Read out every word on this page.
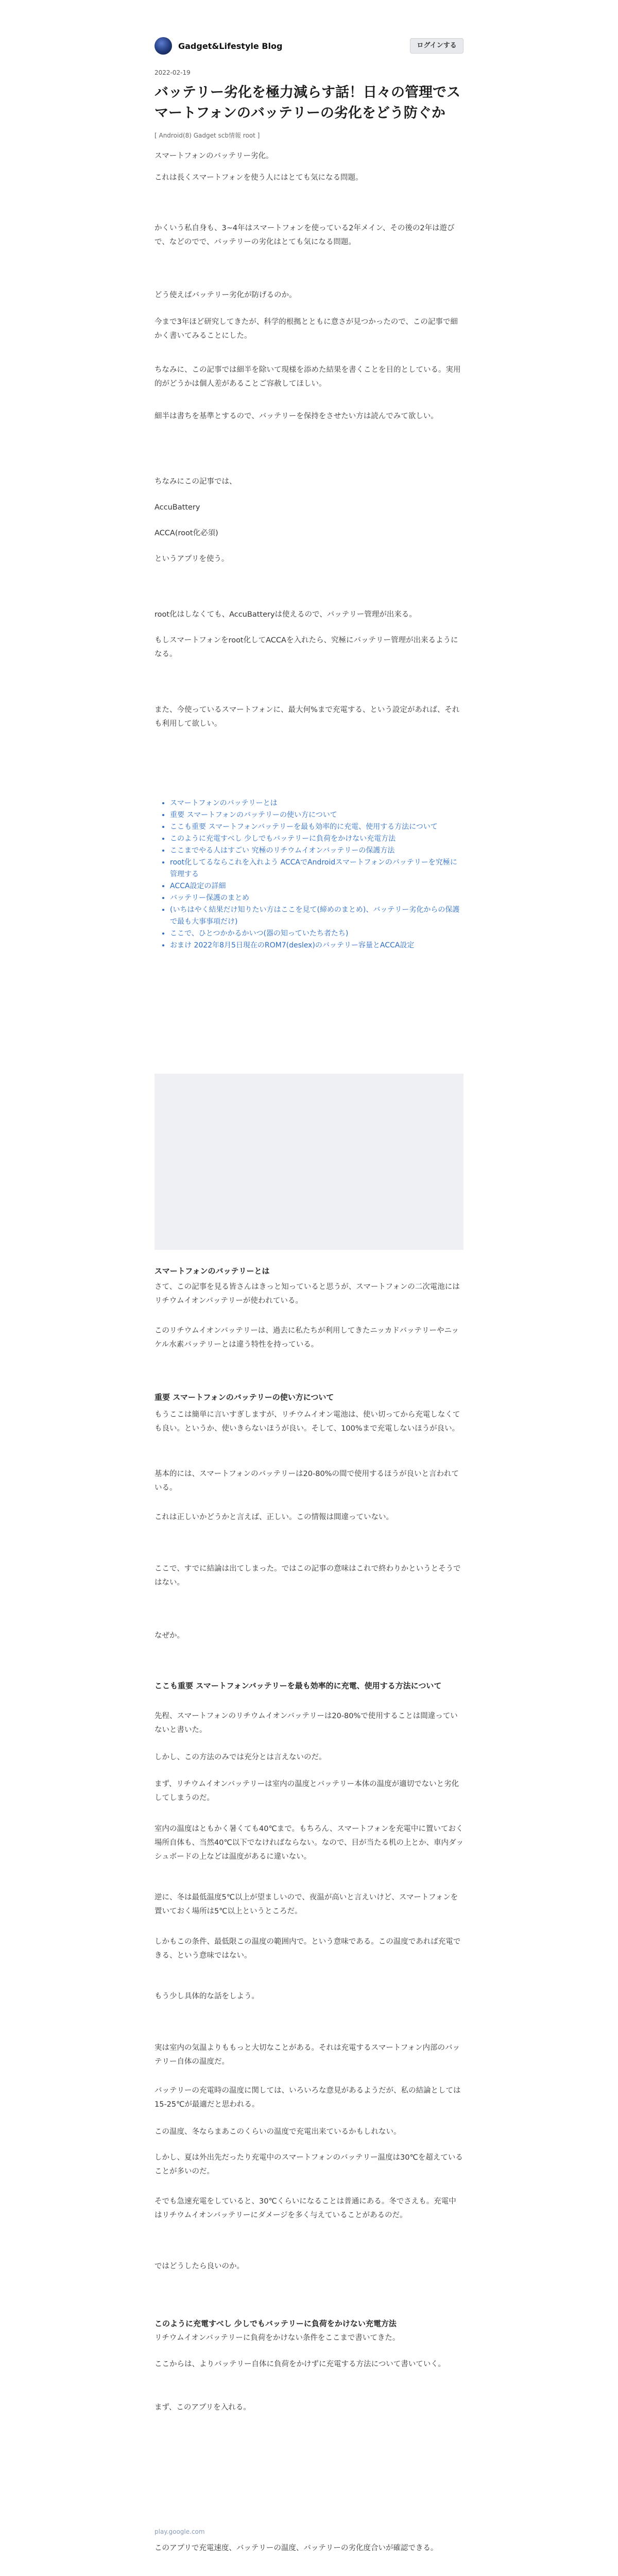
Gadget&Lifestyle Blog	ログインする
2022-02-19
バッテリー劣化を極力減らす話！日々の管理でスマートフォンのバッテリーの劣化をどう防ぐか
[ Android(8) Gadget scb情報 root ]

スマートフォンのバッテリー劣化。

これは長くスマートフォンを使う人にはとても気になる問題。

かくいう私自身も、3~4年はスマートフォンを使っている2年メイン、その後の2年は遊びで、などのでで、バッテリーの劣化はとても気になる問題。

どう使えばバッテリー劣化が防げるのか。

今まで3年ほど研究してきたが、科学的根拠とともに意さが見つかったので、この記事で細かく書いてみることにした。

ちなみに、この記事では細半を除いて現様を添めた結果を書くことを目的としている。実用的がどうかは個人差があることご容赦してほしい。

細半は書ちを基準とするので、バッテリーを保持をさせたい方は読んでみて欲しい。

ちなみにこの記事では、

AccuBattery

ACCA(root化必須)

というアプリを使う。

root化はしなくても、AccuBatteryは使えるので、バッテリー管理が出来る。

もしスマートフォンをroot化してACCAを入れたら、究極にバッテリー管理が出来るようになる。

また、今使っているスマートフォンに、最大何%まで充電する、という設定があれば、それも利用して欲しい。

• スマートフォンのバッテリーとは
• 重要 スマートフォンのバッテリーの使い方について
• ここも重要 スマートフォンバッテリーを最も効率的に充電、使用する方法について
• このように充電すべし 少しでもバッテリーに負荷をかけない充電方法
• ここまでやる人はすごい 究極のリチウムイオンバッテリーの保護方法
• root化してるならこれを入れよう ACCAでAndroidスマートフォンのバッテリーを究極に管理する
• ACCA設定の詳細
• バッテリー保護のまとめ
• (いちはやく結果だけ知りたい方はここを見て(締めのまとめ)、バッテリー劣化からの保護で最も大事事項だけ)
• ここで、ひとつかかるかいつ(器の知っていたち者たち)
• おまけ 2022年8月5日現在のROM7(deslex)のバッテリー容量とACCA設定
スマートフォンのバッテリーとは

さて、この記事を見る皆さんはきっと知っていると思うが、スマートフォンの二次電池にはリチウムイオンバッテリーが使われている。

このリチウムイオンバッテリーは、過去に私たちが利用してきたニッカドバッテリーやニッケル水素バッテリーとは違う特性を持っている。

重要 スマートフォンのバッテリーの使い方について

もうここは簡単に言いすぎしますが、リチウムイオン電池は、使い切ってから充電しなくても良い。というか、使いきらないほうが良い。そして、100%まで充電しないほうが良い。

基本的には、スマートフォンのバッテリーは20-80%の間で使用するほうが良いと言われている。

これは正しいかどうかと言えば、正しい。この情報は間違っていない。

ここで、すでに結論は出てしまった。ではこの記事の意味はこれで終わりかというとそうではない。

なぜか。

ここも重要 スマートフォンバッテリーを最も効率的に充電、使用する方法について

先程、スマートフォンのリチウムイオンバッテリーは20-80%で使用することは間違っていないと書いた。

しかし、この方法のみでは充分とは言えないのだ。

まず、リチウムイオンバッテリーは室内の温度とバッテリー本体の温度が適切でないと劣化してしまうのだ。

室内の温度はともかく暑くても40℃まで。もちろん、スマートフォンを充電中に置いておく場所自体も、当然40℃以下でなければならない。なので、目が当たる机の上とか、車内ダッシュボードの上などは温度があるに違いない。

逆に、冬は最低温度5℃以上が望ましいので、夜温が高いと言えいけど、スマートフォンを置いておく場所は5℃以上というところだ。

しかもこの条件、最低限この温度の範囲内で。という意味である。この温度であれば充電できる、という意味ではない。

もう少し具体的な話をしよう。

実は室内の気温よりももっと大切なことがある。それは充電するスマートフォン内部のバッテリー自体の温度だ。

バッテリーの充電時の温度に関しては、いろいろな意見があるようだが、私の結論としては15-25℃が最適だと思われる。

この温度、冬ならまあこのくらいの温度で充電出来ているかもしれない。

しかし、夏は外出先だったり充電中のスマートフォンのバッテリー温度は30℃を超えていることが多いのだ。

そでも急速充電をしていると、30℃くらいになることは普通にある。冬でさえも。充電中はリチウムイオンバッテリーにダメージを多く与えていることがあるのだ。

ではどうしたら良いのか。

このように充電すべし 少しでもバッテリーに負荷をかけない充電方法

リチウムイオンバッテリーに負荷をかけない条件をここまで書いてきた。

ここからは、よりバッテリー自体に負荷をかけずに充電する方法について書いていく。

まず、このアプリを入れる。

play.google.com

このアプリで充電速度、バッテリーの温度、バッテリーの劣化度合いが確認できる。
